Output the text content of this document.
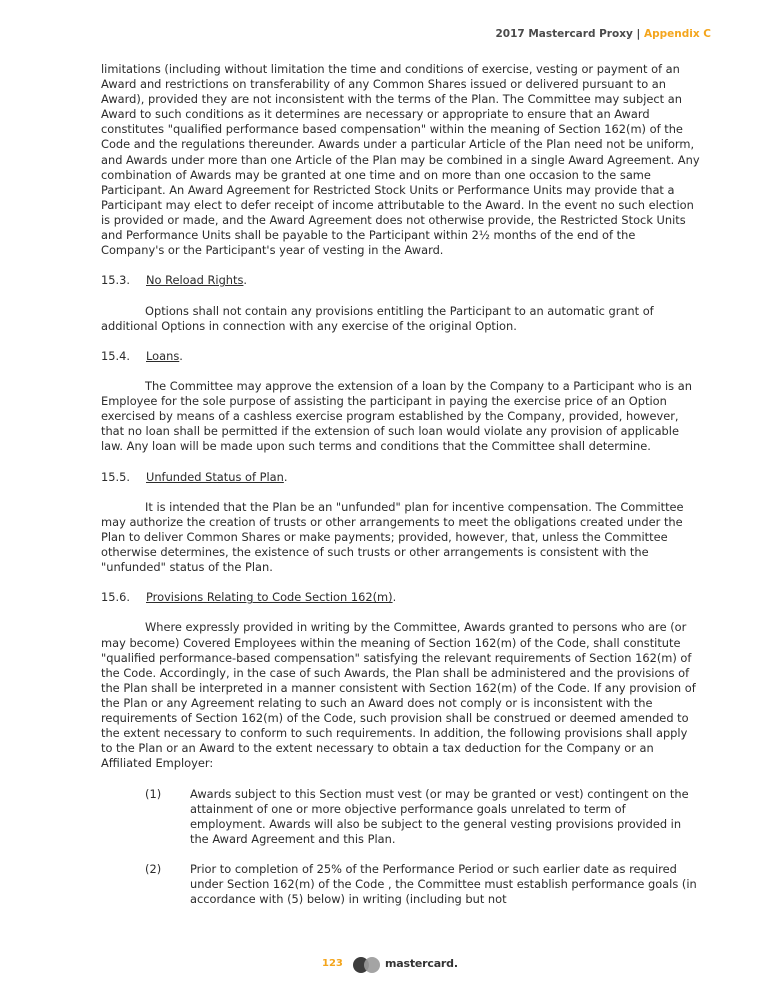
2017 Mastercard Proxy | Appendix C

limitations (including without limitation the time and conditions of exercise, vesting or payment of an Award and restrictions on transferability of any Common Shares issued or delivered pursuant to an Award), provided they are not inconsistent with the terms of the Plan. The Committee may subject an Award to such conditions as it determines are necessary or appropriate to ensure that an Award constitutes "qualified performance based compensation" within the meaning of Section 162(m) of the Code and the regulations thereunder. Awards under a particular Article of the Plan need not be uniform, and Awards under more than one Article of the Plan may be combined in a single Award Agreement. Any combination of Awards may be granted at one time and on more than one occasion to the same Participant. An Award Agreement for Restricted Stock Units or Performance Units may provide that a Participant may elect to defer receipt of income attributable to the Award. In the event no such election is provided or made, and the Award Agreement does not otherwise provide, the Restricted Stock Units and Performance Units shall be payable to the Participant within 2½ months of the end of the Company's or the Participant's year of vesting in the Award.

15.3.	No Reload Rights.

Options shall not contain any provisions entitling the Participant to an automatic grant of additional Options in connection with any exercise of the original Option.

15.4.	Loans.

The Committee may approve the extension of a loan by the Company to a Participant who is an Employee for the sole purpose of assisting the participant in paying the exercise price of an Option exercised by means of a cashless exercise program established by the Company, provided, however, that no loan shall be permitted if the extension of such loan would violate any provision of applicable law. Any loan will be made upon such terms and conditions that the Committee shall determine.

15.5.	Unfunded Status of Plan.

It is intended that the Plan be an "unfunded" plan for incentive compensation. The Committee may authorize the creation of trusts or other arrangements to meet the obligations created under the Plan to deliver Common Shares or make payments; provided, however, that, unless the Committee otherwise determines, the existence of such trusts or other arrangements is consistent with the "unfunded" status of the Plan.

15.6.	Provisions Relating to Code Section 162(m).

Where expressly provided in writing by the Committee, Awards granted to persons who are (or may become) Covered Employees within the meaning of Section 162(m) of the Code, shall constitute "qualified performance-based compensation" satisfying the relevant requirements of Section 162(m) of the Code. Accordingly, in the case of such Awards, the Plan shall be administered and the provisions of the Plan shall be interpreted in a manner consistent with Section 162(m) of the Code. If any provision of the Plan or any Agreement relating to such an Award does not comply or is inconsistent with the requirements of Section 162(m) of the Code, such provision shall be construed or deemed amended to the extent necessary to conform to such requirements. In addition, the following provisions shall apply to the Plan or an Award to the extent necessary to obtain a tax deduction for the Company or an Affiliated Employer:

(1)	Awards subject to this Section must vest (or may be granted or vest) contingent on the attainment of one or more objective performance goals unrelated to term of employment. Awards will also be subject to the general vesting provisions provided in the Award Agreement and this Plan.
(2)	Prior to completion of 25% of the Performance Period or such earlier date as required under Section 162(m) of the Code , the Committee must establish performance goals (in accordance with (5) below) in writing (including but not
123	mastercard.
